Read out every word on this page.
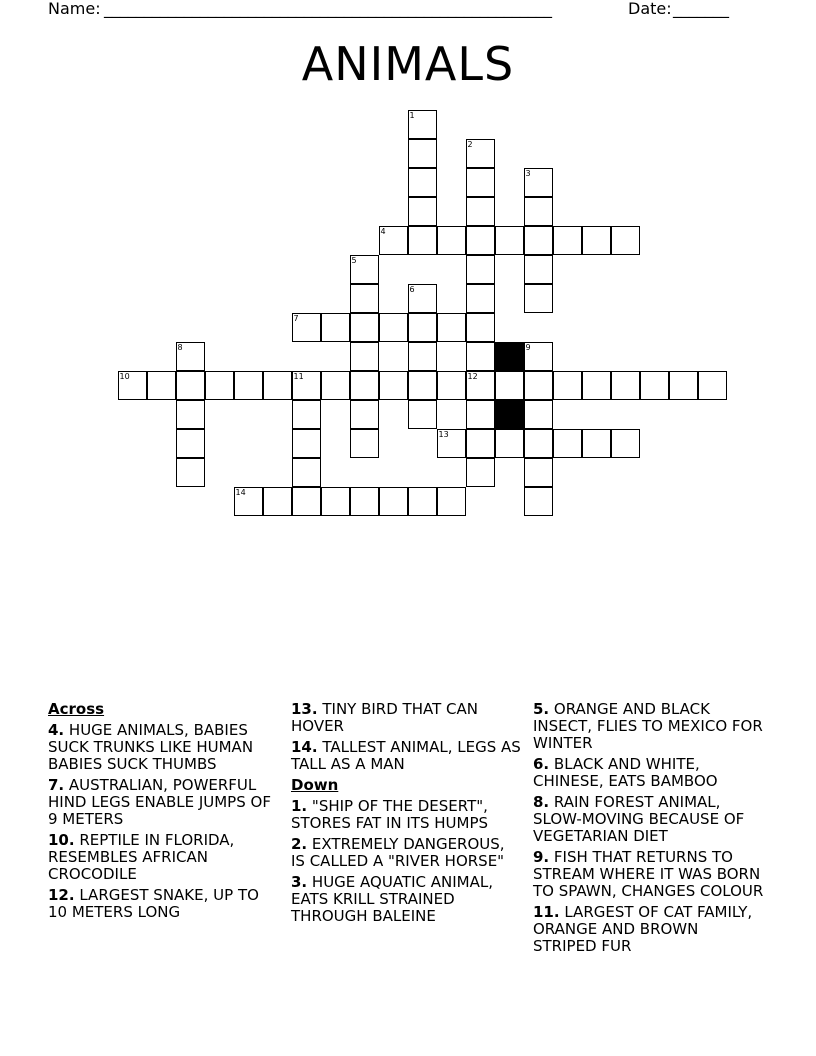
Name: ________________________________________________________	Date: _______
ANIMALS
1
2
3
4
5
6
7
8	9
10	11	12
13
14
Across
4. HUGE ANIMALS, BABIES SUCK TRUNKS LIKE HUMAN BABIES SUCK THUMBS
7. AUSTRALIAN, POWERFUL HIND LEGS ENABLE JUMPS OF 9 METERS
10. REPTILE IN FLORIDA, RESEMBLES AFRICAN CROCODILE
12. LARGEST SNAKE, UP TO 10 METERS LONG
13. TINY BIRD THAT CAN HOVER
14. TALLEST ANIMAL, LEGS AS TALL AS A MAN
Down
1. "SHIP OF THE DESERT", STORES FAT IN ITS HUMPS
2. EXTREMELY DANGEROUS, IS CALLED A "RIVER HORSE"
3. HUGE AQUATIC ANIMAL, EATS KRILL STRAINED THROUGH BALEINE
5. ORANGE AND BLACK INSECT, FLIES TO MEXICO FOR WINTER
6. BLACK AND WHITE, CHINESE, EATS BAMBOO
8. RAIN FOREST ANIMAL, SLOW-MOVING BECAUSE OF VEGETARIAN DIET
9. FISH THAT RETURNS TO STREAM WHERE IT WAS BORN TO SPAWN, CHANGES COLOUR
11. LARGEST OF CAT FAMILY, ORANGE AND BROWN STRIPED FUR
